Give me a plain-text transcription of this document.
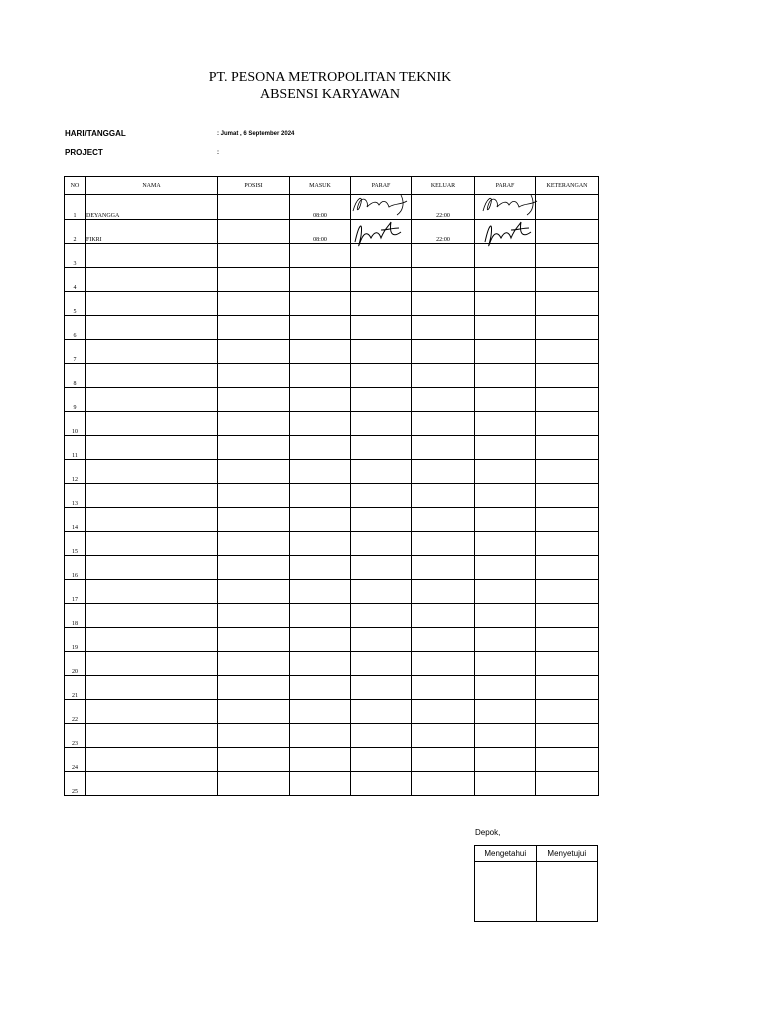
PT. PESONA METROPOLITAN TEKNIK
ABSENSI KARYAWAN
HARI/TANGGAL	: Jumat , 6 September 2024
PROJECT	:
NO	NAMA	POSISI	MASUK	PARAF	KELUAR	PARAF	KETERANGAN
1	DEYANGGA		08:00		22:00	

2	FIKRI		08:00		22:00	

3							
4							
5							
6							
7							
8							
9							
10							
11							
12							
13							
14							
15							
16							
17							
18							
19							
20							
21							
22							
23							
24							
25							
Depok,
Mengetahui	Menyetujui
